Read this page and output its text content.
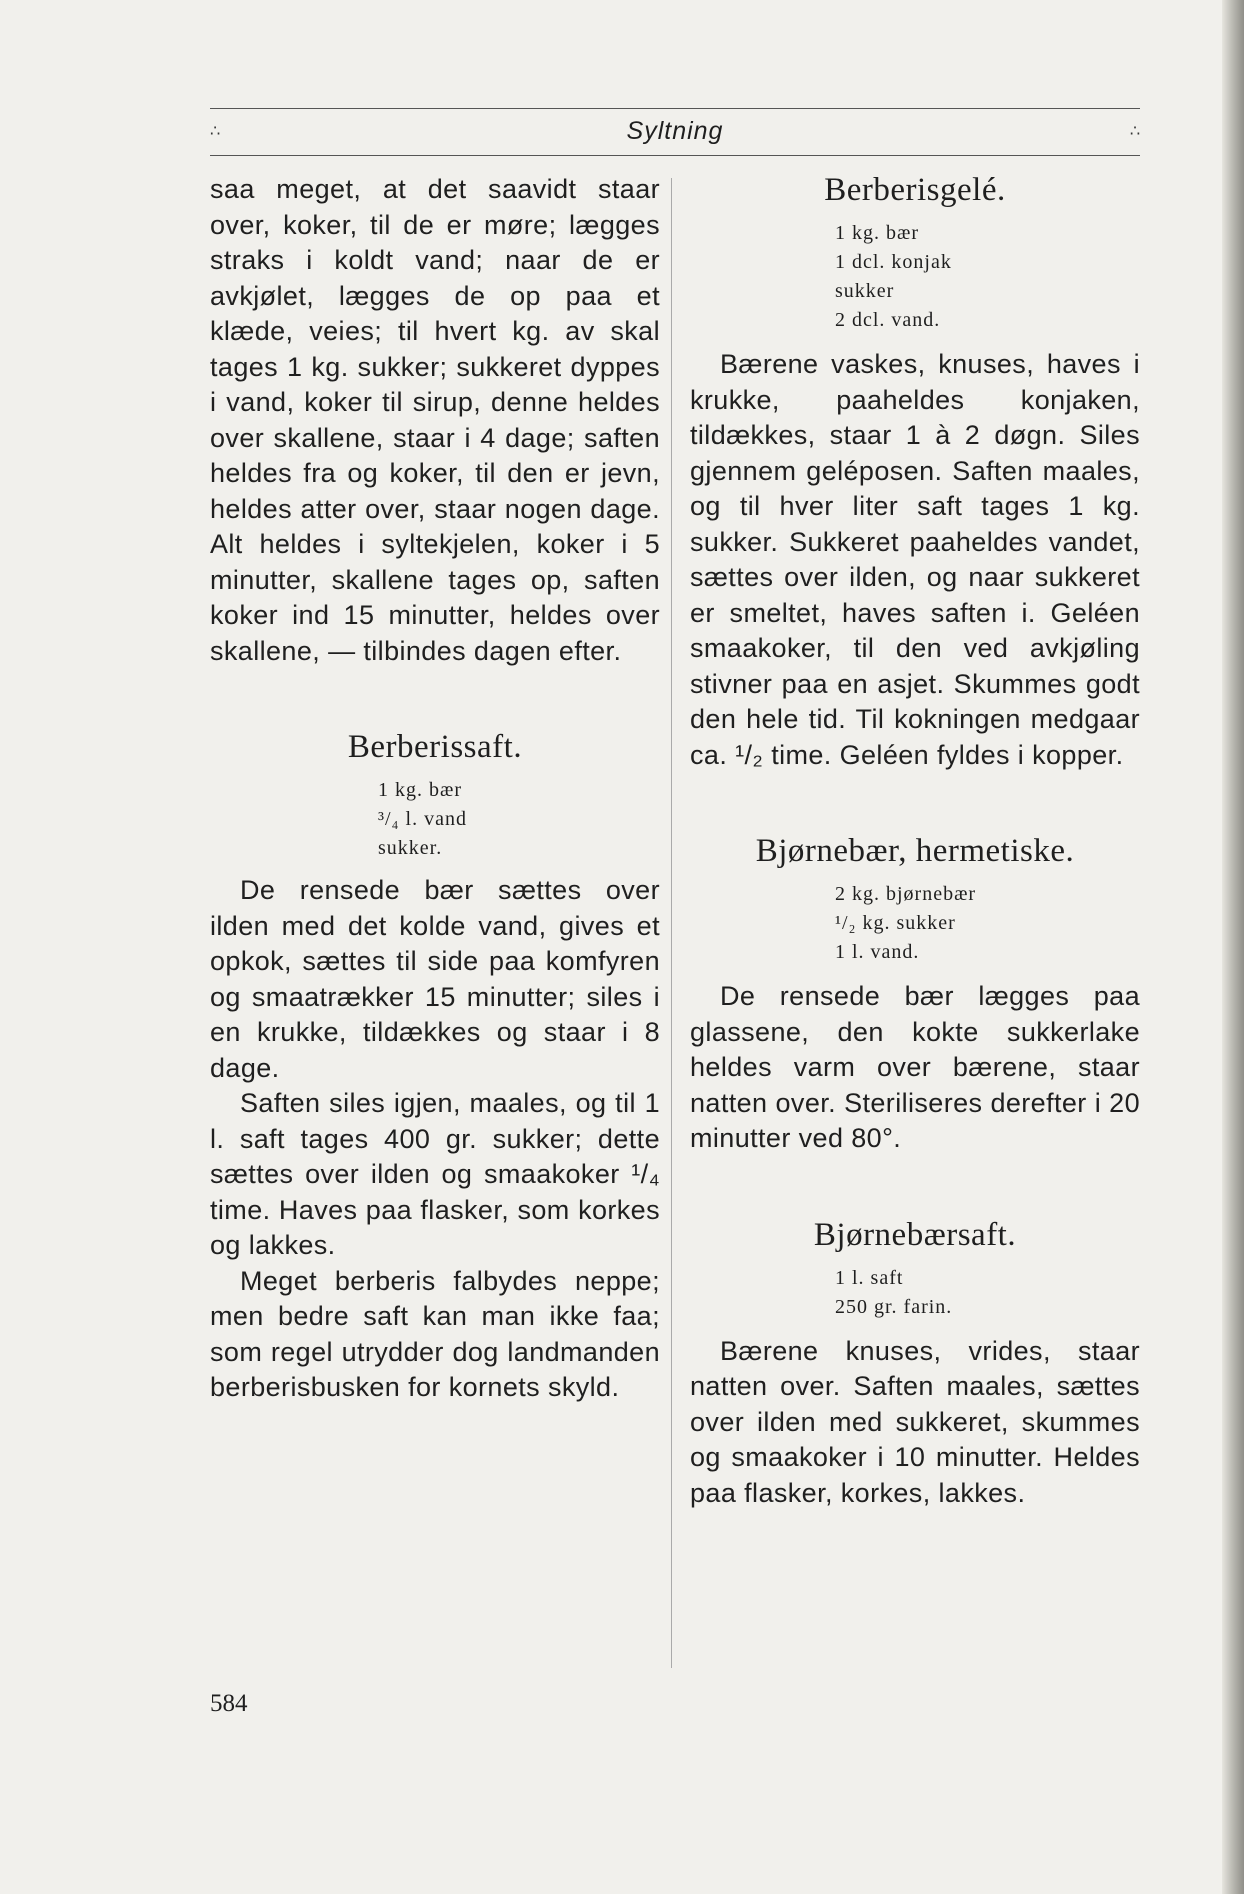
∴	Syltning	∴

saa meget, at det saavidt staar over, koker, til de er møre; lægges straks i koldt vand; naar de er avkjølet, lægges de op paa et klæde, veies; til hvert kg. av skal tages 1 kg. sukker; sukkeret dyppes i vand, koker til sirup, denne heldes over skallene, staar i 4 dage; saften heldes fra og koker, til den er jevn, heldes atter over, staar nogen dage. Alt heldes i syltekjelen, koker i 5 minutter, skallene tages op, saften koker ind 15 minutter, heldes over skallene, — tilbindes dagen efter.

Berberissaft.
1 kg. bær
³/₄ l. vand
sukker.

De rensede bær sættes over ilden med det kolde vand, gives et opkok, sættes til side paa komfyren og smaatrækker 15 minutter; siles i en krukke, tildækkes og staar i 8 dage.

Saften siles igjen, maales, og til 1 l. saft tages 400 gr. sukker; dette sættes over ilden og smaakoker ¹/₄ time. Haves paa flasker, som korkes og lakkes.

Meget berberis falbydes neppe; men bedre saft kan man ikke faa; som regel utrydder dog landmanden berberisbusken for kornets skyld.

Berberisgelé.
1 kg. bær
1 dcl. konjak
sukker
2 dcl. vand.

Bærene vaskes, knuses, haves i krukke, paaheldes konjaken, tildækkes, staar 1 à 2 døgn. Siles gjennem geléposen. Saften maales, og til hver liter saft tages 1 kg. sukker. Sukkeret paaheldes vandet, sættes over ilden, og naar sukkeret er smeltet, haves saften i. Geléen smaakoker, til den ved avkjøling stivner paa en asjet. Skummes godt den hele tid. Til kokningen medgaar ca. ¹/₂ time. Geléen fyldes i kopper.

Bjørnebær, hermetiske.
2 kg. bjørnebær
¹/₂ kg. sukker
1 l. vand.

De rensede bær lægges paa glassene, den kokte sukkerlake heldes varm over bærene, staar natten over. Steriliseres derefter i 20 minutter ved 80°.

Bjørnebærsaft.
1 l. saft
250 gr. farin.

Bærene knuses, vrides, staar natten over. Saften maales, sættes over ilden med sukkeret, skummes og smaakoker i 10 minutter. Heldes paa flasker, korkes, lakkes.

584
